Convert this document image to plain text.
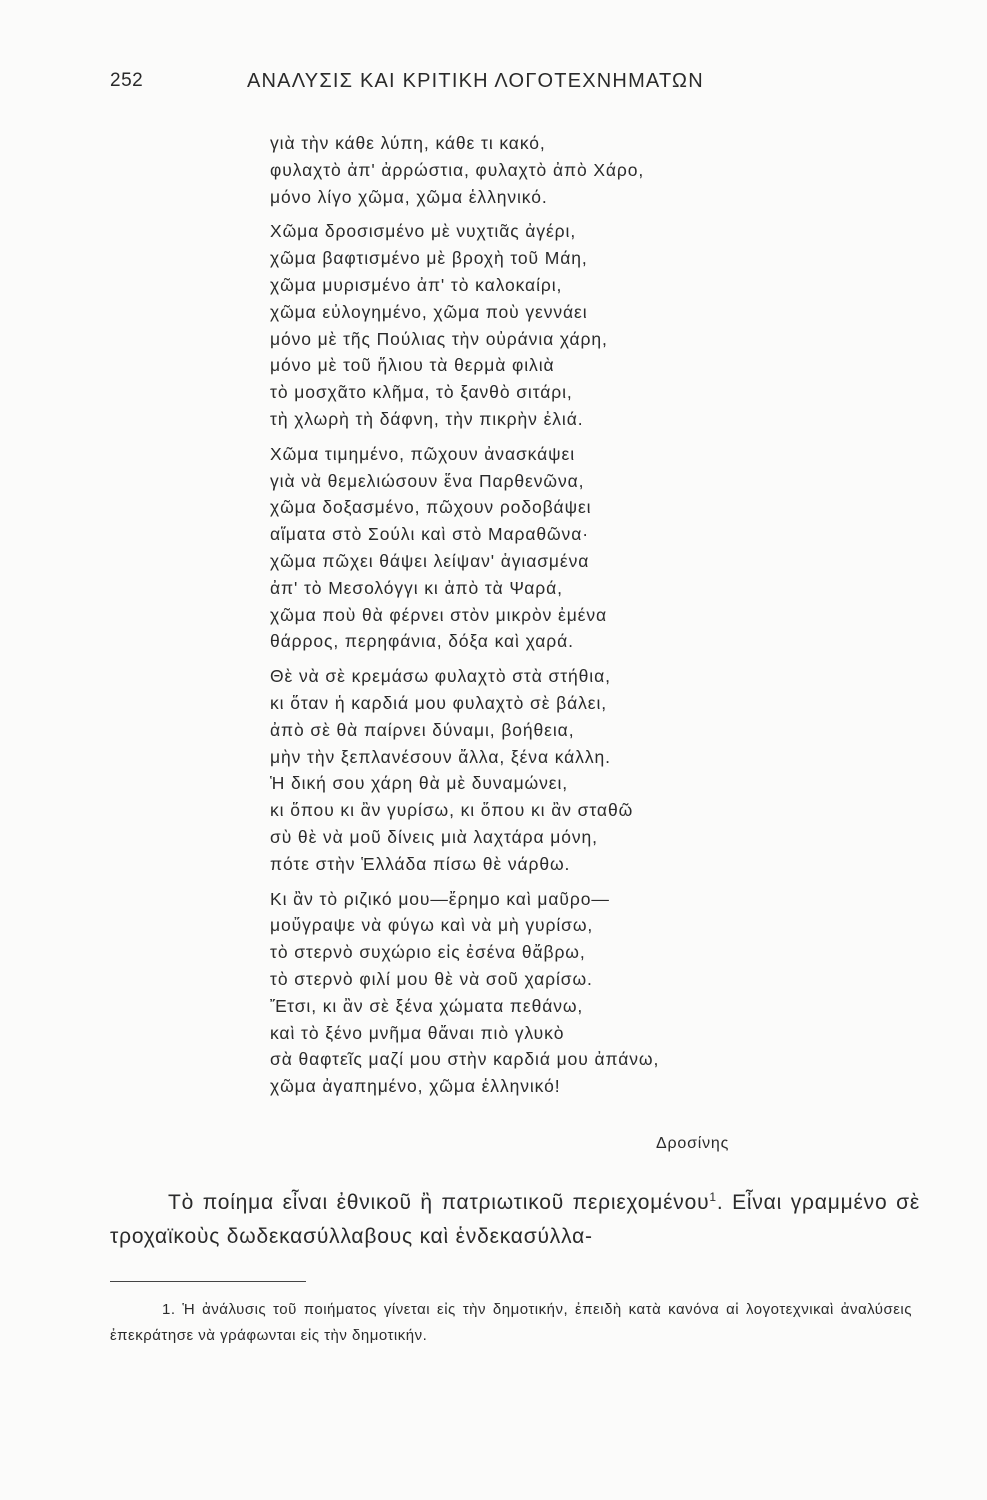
252	ΑΝΑΛΥΣΙΣ ΚΑΙ ΚΡΙΤΙΚΗ ΛΟΓΟΤΕΧΝΗΜΑΤΩΝ
γιὰ τὴν κάθε λύπη, κάθε τι κακό,
φυλαχτὸ ἀπ' ἀρρώστια, φυλαχτὸ ἀπὸ Χάρο,
μόνο λίγο χῶμα, χῶμα ἑλληνικό.
Χῶμα δροσισμένο μὲ νυχτιᾶς ἀγέρι,
χῶμα βαφτισμένο μὲ βροχὴ τοῦ Μάη,
χῶμα μυρισμένο ἀπ' τὸ καλοκαίρι,
χῶμα εὐλογημένο, χῶμα ποὺ γεννάει
μόνο μὲ τῆς Πούλιας τὴν οὐράνια χάρη,
μόνο μὲ τοῦ ἥλιου τὰ θερμὰ φιλιὰ
τὸ μοσχᾶτο κλῆμα, τὸ ξανθὸ σιτάρι,
τὴ χλωρὴ τὴ δάφνη, τὴν πικρὴν ἐλιά.
Χῶμα τιμημένο, πῶχουν ἀνασκάψει
γιὰ νὰ θεμελιώσουν ἕνα Παρθενῶνα,
χῶμα δοξασμένο, πῶχουν ροδοβάψει
αἵματα στὸ Σούλι καὶ στὸ Μαραθῶνα·
χῶμα πῶχει θάψει λείψαν' ἁγιασμένα
ἀπ' τὸ Μεσολόγγι κι ἀπὸ τὰ Ψαρά,
χῶμα ποὺ θὰ φέρνει στὸν μικρὸν ἐμένα
θάρρος, περηφάνια, δόξα καὶ χαρά.
Θὲ νὰ σὲ κρεμάσω φυλαχτὸ στὰ στήθια,
κι ὅταν ἡ καρδιά μου φυλαχτὸ σὲ βάλει,
ἀπὸ σὲ θὰ παίρνει δύναμι, βοήθεια,
μὴν τὴν ξεπλανέσουν ἄλλα, ξένα κάλλη.
Ἡ δική σου χάρη θὰ μὲ δυναμώνει,
κι ὅπου κι ἂν γυρίσω, κι ὅπου κι ἂν σταθῶ
σὺ θὲ νὰ μοῦ δίνεις μιὰ λαχτάρα μόνη,
πότε στὴν Ἑλλάδα πίσω θὲ νάρθω.
Κι ἂν τὸ ριζικό μου—ἔρημο καὶ μαῦρο—
μοὔγραψε νὰ φύγω καὶ νὰ μὴ γυρίσω,
τὸ στερνὸ συχώριο εἰς ἐσένα θἄβρω,
τὸ στερνὸ φιλί μου θὲ νὰ σοῦ χαρίσω.
Ἔτσι, κι ἂν σὲ ξένα χώματα πεθάνω,
καὶ τὸ ξένο μνῆμα θἄναι πιὸ γλυκὸ
σὰ θαφτεῖς μαζί μου στὴν καρδιά μου ἀπάνω,
χῶμα ἀγαπημένο, χῶμα ἑλληνικό!
Δροσίνης

Τὸ ποίημα εἶναι ἐθνικοῦ ἢ πατριωτικοῦ περιεχομένου$^1$. Εἶναι γραμμένο σὲ τροχαϊκοὺς δωδεκασύλλαβους καὶ ἑνδεκασύλλα-

1. Ἡ ἀνάλυσις τοῦ ποιήματος γίνεται εἰς τὴν δημοτικήν, ἐπειδὴ κατὰ κανόνα αἱ λογοτεχνικαὶ ἀναλύσεις ἐπεκράτησε νὰ γράφωνται εἰς τὴν δημοτικήν.
